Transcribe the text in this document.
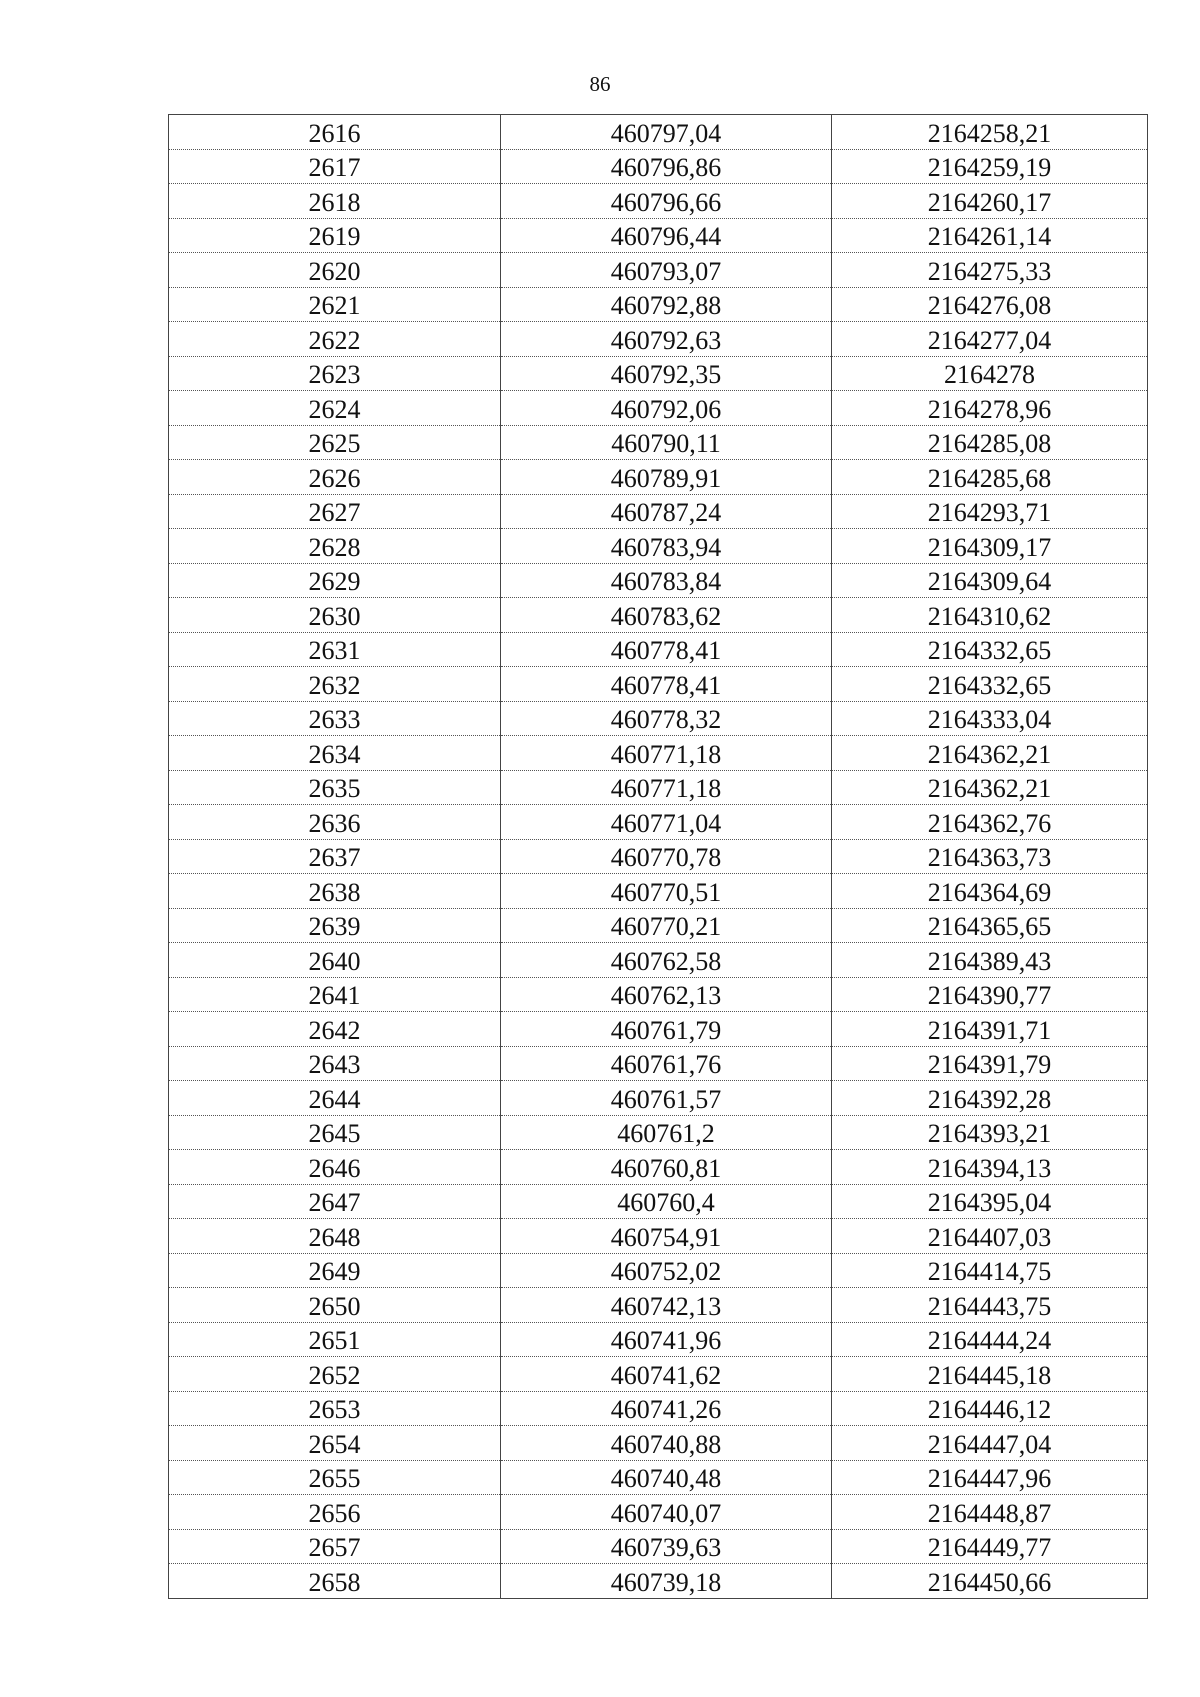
86
2616	460797,04	2164258,21
2617	460796,86	2164259,19
2618	460796,66	2164260,17
2619	460796,44	2164261,14
2620	460793,07	2164275,33
2621	460792,88	2164276,08
2622	460792,63	2164277,04
2623	460792,35	2164278
2624	460792,06	2164278,96
2625	460790,11	2164285,08
2626	460789,91	2164285,68
2627	460787,24	2164293,71
2628	460783,94	2164309,17
2629	460783,84	2164309,64
2630	460783,62	2164310,62
2631	460778,41	2164332,65
2632	460778,41	2164332,65
2633	460778,32	2164333,04
2634	460771,18	2164362,21
2635	460771,18	2164362,21
2636	460771,04	2164362,76
2637	460770,78	2164363,73
2638	460770,51	2164364,69
2639	460770,21	2164365,65
2640	460762,58	2164389,43
2641	460762,13	2164390,77
2642	460761,79	2164391,71
2643	460761,76	2164391,79
2644	460761,57	2164392,28
2645	460761,2	2164393,21
2646	460760,81	2164394,13
2647	460760,4	2164395,04
2648	460754,91	2164407,03
2649	460752,02	2164414,75
2650	460742,13	2164443,75
2651	460741,96	2164444,24
2652	460741,62	2164445,18
2653	460741,26	2164446,12
2654	460740,88	2164447,04
2655	460740,48	2164447,96
2656	460740,07	2164448,87
2657	460739,63	2164449,77
2658	460739,18	2164450,66
